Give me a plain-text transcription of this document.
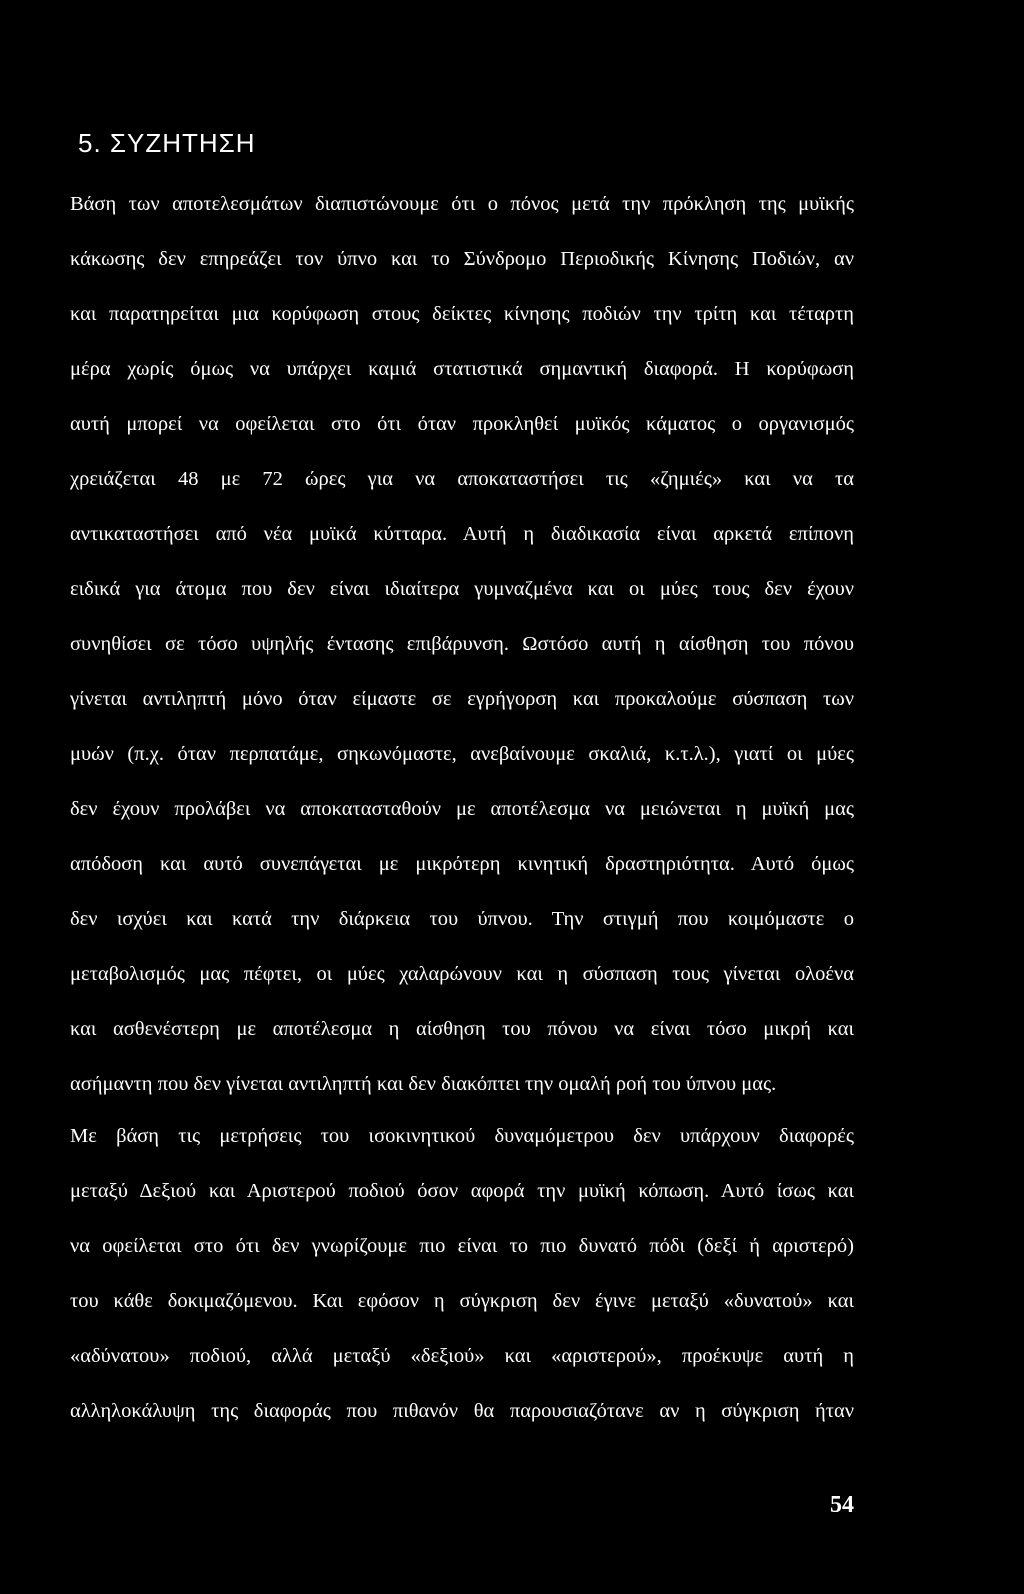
5. ΣΥΖΗΤΗΣΗ
Βάση των αποτελεσμάτων διαπιστώνουμε ότι ο πόνος μετά την πρόκληση της μυϊκής
κάκωσης δεν επηρεάζει τον ύπνο και το Σύνδρομο Περιοδικής Κίνησης Ποδιών, αν
και παρατηρείται μια κορύφωση στους δείκτες κίνησης ποδιών την τρίτη και τέταρτη
μέρα χωρίς όμως να υπάρχει καμιά στατιστικά σημαντική διαφορά. Η κορύφωση
αυτή μπορεί να οφείλεται στο ότι όταν προκληθεί μυϊκός κάματος ο οργανισμός
χρειάζεται 48 με 72 ώρες για να αποκαταστήσει τις «ζημιές» και να τα
αντικαταστήσει από νέα μυϊκά κύτταρα. Αυτή η διαδικασία είναι αρκετά επίπονη
ειδικά για άτομα που δεν είναι ιδιαίτερα γυμναζμένα και οι μύες τους δεν έχουν
συνηθίσει σε τόσο υψηλής έντασης επιβάρυνση. Ωστόσο αυτή η αίσθηση του πόνου
γίνεται αντιληπτή μόνο όταν είμαστε σε εγρήγορση και προκαλούμε σύσπαση των
μυών (π.χ. όταν περπατάμε, σηκωνόμαστε, ανεβαίνουμε σκαλιά, κ.τ.λ.), γιατί οι μύες
δεν έχουν προλάβει να αποκατασταθούν με αποτέλεσμα να μειώνεται η μυϊκή μας
απόδοση και αυτό συνεπάγεται με μικρότερη κινητική δραστηριότητα. Αυτό όμως
δεν ισχύει και κατά την διάρκεια του ύπνου. Την στιγμή που κοιμόμαστε ο
μεταβολισμός μας πέφτει, οι μύες χαλαρώνουν και η σύσπαση τους γίνεται ολοένα
και ασθενέστερη με αποτέλεσμα η αίσθηση του πόνου να είναι τόσο μικρή και
ασήμαντη που δεν γίνεται αντιληπτή και δεν διακόπτει την ομαλή ροή του ύπνου μας.
Με βάση τις μετρήσεις του ισοκινητικού δυναμόμετρου δεν υπάρχουν διαφορές
μεταξύ Δεξιού και Αριστερού ποδιού όσον αφορά την μυϊκή κόπωση. Αυτό ίσως και
να οφείλεται στο ότι δεν γνωρίζουμε πιο είναι το πιο δυνατό πόδι (δεξί ή αριστερό)
του κάθε δοκιμαζόμενου. Και εφόσον η σύγκριση δεν έγινε μεταξύ «δυνατού» και
«αδύνατου» ποδιού, αλλά μεταξύ «δεξιού» και «αριστερού», προέκυψε αυτή η
αλληλοκάλυψη της διαφοράς που πιθανόν θα παρουσιαζότανε αν η σύγκριση ήταν
54
